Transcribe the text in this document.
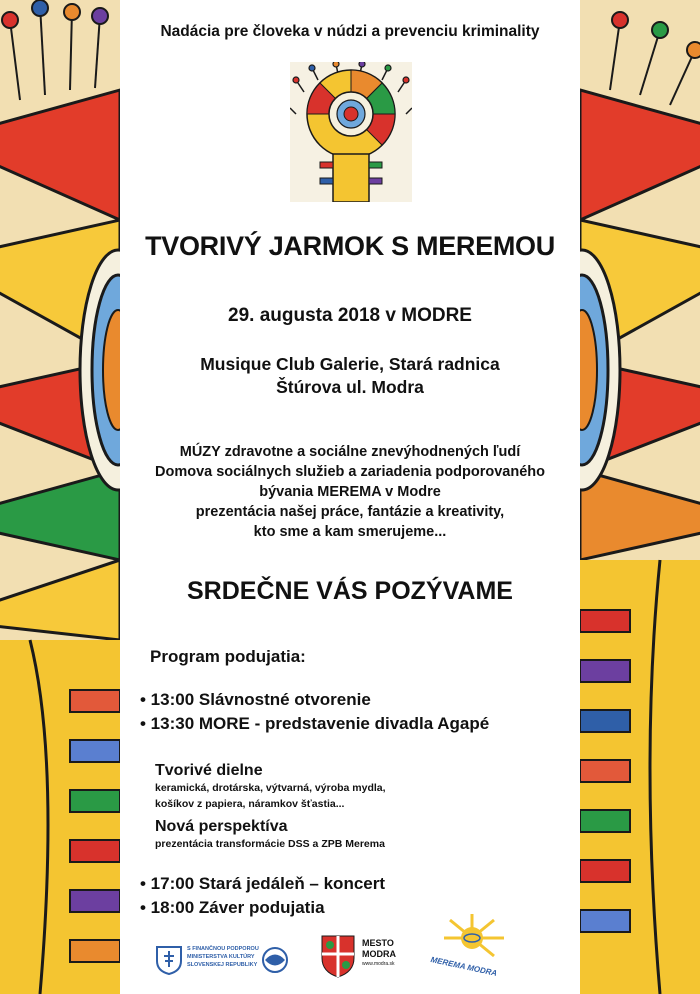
Nadácia pre človeka v núdzi a prevenciu kriminality
TVORIVÝ JARMOK S MEREMOU
29. augusta 2018 v MODRE
Musique Club Galerie, Stará radnica
Štúrova ul. Modra
MÚZY zdravotne a sociálne znevýhodnených ľudí
Domova sociálnych služieb a zariadenia podporovaného
bývania MEREMA v Modre
prezentácia našej práce, fantázie a kreativity,
kto sme a kam smerujeme...
SRDEČNE VÁS POZÝVAME
Program podujatia:
• 13:00 Slávnostné otvorenie
• 13:30 MORE - predstavenie divadla Agapé
Tvorivé dielne
keramická, drotárska, výtvarná, výroba mydla,
košíkov z papiera, náramkov šťastia...
Nová perspektíva
prezentácia transformácie DSS a ZPB Merema
• 17:00 Stará jedáleň – koncert
• 18:00 Záver podujatia
S FINANČNOU PODPOROU
MINISTERSTVA KULTÚRY
SLOVENSKEJ REPUBLIKY
MESTO
MODRA
www.modra.sk	MEREMA MODRA
